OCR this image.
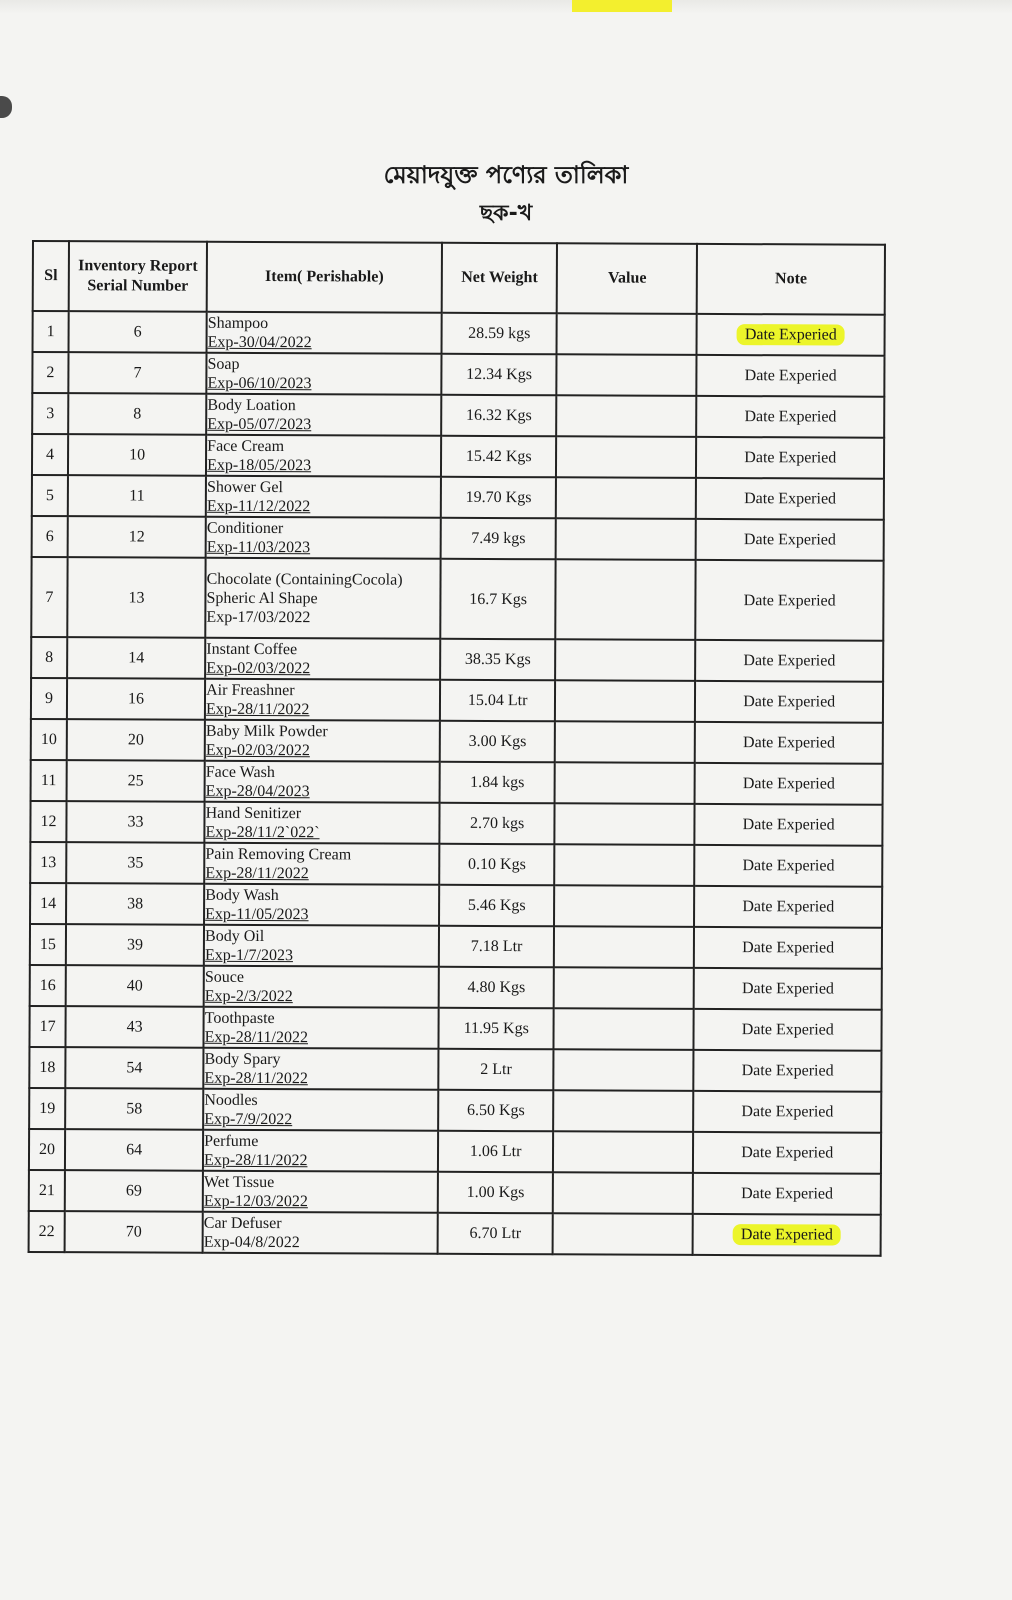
মেয়াদযুক্ত পণ্যের তালিকা
ছক-খ
Sl	Inventory Report
Serial Number	Item( Perishable)	Net Weight	Value	Note
1	6	Shampoo
Exp-30/04/2022	28.59 kgs		Date Experied
2	7	Soap
Exp-06/10/2023	12.34 Kgs		Date Experied
3	8	Body Loation
Exp-05/07/2023	16.32 Kgs		Date Experied
4	10	Face Cream
Exp-18/05/2023	15.42 Kgs		Date Experied
5	11	Shower Gel
Exp-11/12/2022	19.70 Kgs		Date Experied
6	12	Conditioner
Exp-11/03/2023	7.49 kgs		Date Experied
7	13	Chocolate (ContainingCocola)
Spheric Al Shape
Exp-17/03/2022	16.7 Kgs		Date Experied
8	14	Instant Coffee
Exp-02/03/2022	38.35 Kgs		Date Experied
9	16	Air Freashner
Exp-28/11/2022	15.04 Ltr		Date Experied
10	20	Baby Milk Powder
Exp-02/03/2022	3.00 Kgs		Date Experied
11	25	Face Wash
Exp-28/04/2023	1.84 kgs		Date Experied
12	33	Hand Senitizer
Exp-28/11/2`022`	2.70 kgs		Date Experied
13	35	Pain Removing Cream
Exp-28/11/2022	0.10 Kgs		Date Experied
14	38	Body Wash
Exp-11/05/2023	5.46 Kgs		Date Experied
15	39	Body Oil
Exp-1/7/2023	7.18 Ltr		Date Experied
16	40	Souce
Exp-2/3/2022	4.80 Kgs		Date Experied
17	43	Toothpaste
Exp-28/11/2022	11.95 Kgs		Date Experied
18	54	Body Spary
Exp-28/11/2022	2 Ltr		Date Experied
19	58	Noodles
Exp-7/9/2022	6.50 Kgs		Date Experied
20	64	Perfume
Exp-28/11/2022	1.06 Ltr		Date Experied
21	69	Wet Tissue
Exp-12/03/2022	1.00 Kgs		Date Experied
22	70	Car Defuser
Exp-04/8/2022	6.70 Ltr		Date Experied
